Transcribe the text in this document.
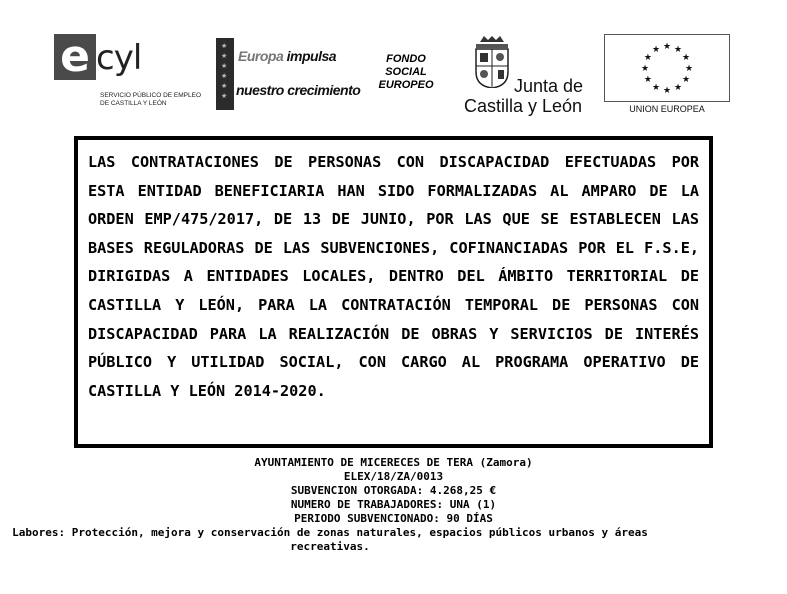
e cyl
SERVICIO PÚBLICO DE EMPLEO
DE CASTILLA Y LEÓN
★
★
★
★
★
★
Europa impulsa
nuestro crecimiento
FONDO
SOCIAL
EUROPEO	Junta de
Castilla y León
★ ★
★
★
★
★
★
★
★
★
★
★
UNION EUROPEA

LAS CONTRATACIONES DE PERSONAS CON DISCAPACIDAD EFECTUADAS POR ESTA ENTIDAD BENEFICIARIA HAN SIDO FORMALIZADAS AL AMPARO DE LA ORDEN EMP/475/2017, DE 13 DE JUNIO, POR LAS QUE SE ESTABLECEN LAS BASES REGULADORAS DE LAS SUBVENCIONES, COFINANCIADAS POR EL F.S.E, DIRIGIDAS A ENTIDADES LOCALES, DENTRO DEL ÁMBITO TERRITORIAL DE CASTILLA Y LEÓN, PARA LA CONTRATACIÓN TEMPORAL DE PERSONAS CON DISCAPACIDAD PARA LA REALIZACIÓN DE OBRAS Y SERVICIOS DE INTERÉS PÚBLICO Y UTILIDAD SOCIAL, CON CARGO AL PROGRAMA OPERATIVO DE CASTILLA Y LEÓN 2014-2020.

AYUNTAMIENTO DE MICERECES DE TERA (Zamora)
ELEX/18/ZA/0013
SUBVENCION OTORGADA: 4.268,25 €
NUMERO DE TRABAJADORES: UNA (1)
PERIODO SUBVENCIONADO: 90 DÍAS
Labores: Protección, mejora y conservación de zonas naturales, espacios públicos urbanos y áreas recreativas.
